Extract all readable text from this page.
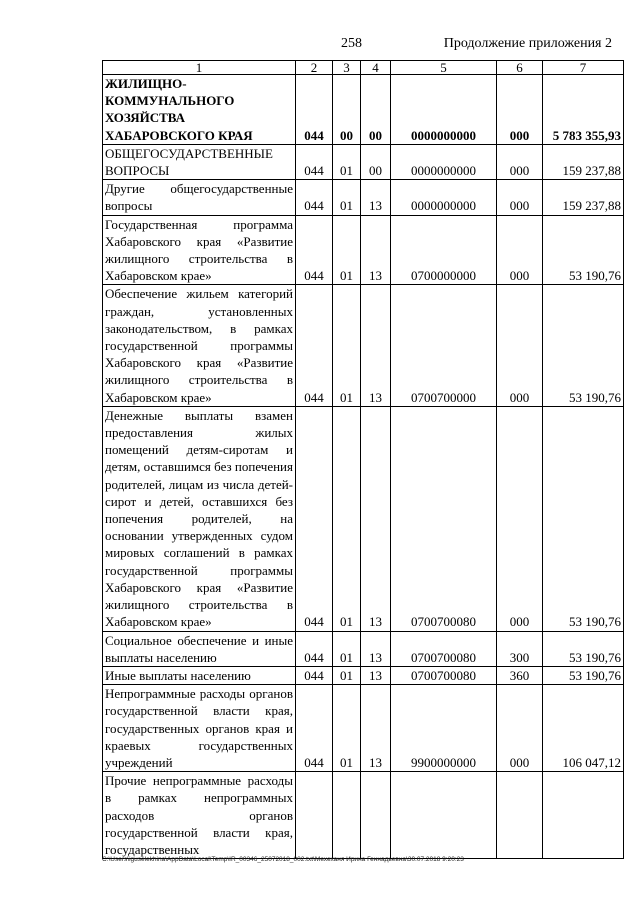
258	Продолжение приложения 2
1	2	3	4	5	6	7
ЖИЛИЩНО-КОММУНАЛЬНОГО ХОЗЯЙСТВА ХАБАРОВСКОГО КРАЯ	044	00	00	0000000000	000	5 783 355,93
ОБЩЕГОСУДАРСТВЕННЫЕ ВОПРОСЫ	044	01	00	0000000000	000	159 237,88
Другие общегосударственные вопросы	044	01	13	0000000000	000	159 237,88
Государственная программа Хабаровского края «Развитие жилищного строительства в Хабаровском крае»	044	01	13	0700000000	000	53 190,76
Обеспечение жильем категорий граждан, установленных законодательством, в рамках государственной программы Хабаровского края «Развитие жилищного строительства в Хабаровском крае»	044	01	13	0700700000	000	53 190,76
Денежные выплаты взамен предоставления жилых помещений детям-сиротам и детям, оставшимся без попечения родителей, лицам из числа детей-сирот и детей, оставшихся без попечения родителей, на основании утвержденных судом мировых соглашений в рамках государственной программы Хабаровского края «Развитие жилищного строительства в Хабаровском крае»	044	01	13	0700700080	000	53 190,76
Социальное обеспечение и иные выплаты населению	044	01	13	0700700080	300	53 190,76
Иные выплаты населению	044	01	13	0700700080	360	53 190,76
Непрограммные расходы органов государственной власти края, государственных органов края и краевых государственных учреждений	044	01	13	9900000000	000	106 047,12
Прочие непрограммные расходы в рамках непрограммных расходов органов государственной власти края, государственных						
C:\Users\iguselekhina\AppData\Local\Temp\IR_00346_25072018_002.txt\Мехеханя Ирина Геннадьевна\30.07.2018 9:20:23
